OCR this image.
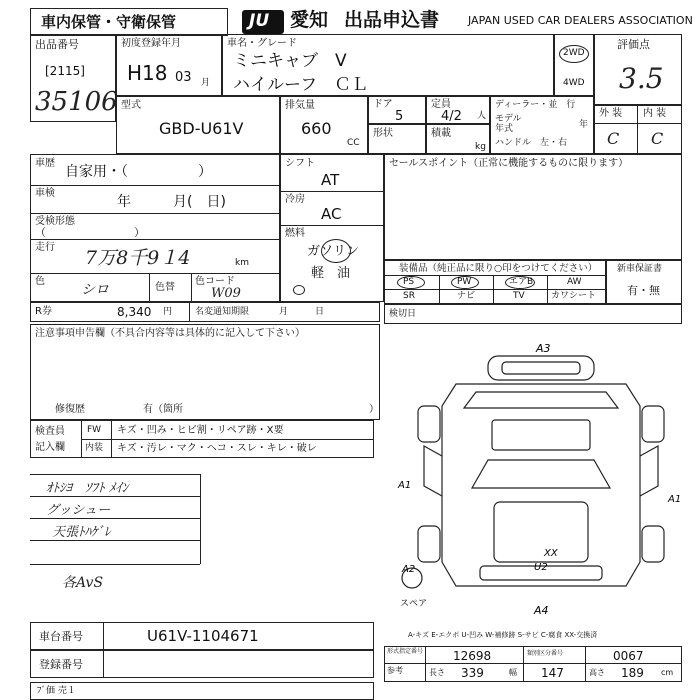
車内保管・守衛保管	JU 愛知 出品申込書	JAPAN USED CAR DEALERS ASSOCIATION
出品番号
[2115]
35106
初度登録年月
H18 03 月
車名・グレード
ミニキャブ　V
ハイルーフ　ＣＬ
2WD
4WD
評価点
3.5
外 装 内 装
C C
型式
GBD-U61V
排気量
660
CC
ドア
5
定員
4/2 人
形状	積載
kg
ディーラー・並　行
モデル
年式	年
ハンドル　左・右
車歴
自家用・（　　　　　）
車検
年　　　月(　日)
受検形態
（　　　　　　　　）
走行 7万8千9１4	km
色
シロ	色替
色コード
W09
シフト
AT
冷房
AC
燃料
ガソリン
軽　油
セールスポイント（正常に機能するものに限ります）
装備品（純正品に限り○印をつけてください）
PS	PW	エアB	AW
SR	ナビ	TV	カワシート
新車保証書
有・無
R券	8,340 円	名変通知期限	月　　　日	検切日
注意事項申告欄（不具合内容等は具体的に記入して下さい）
修復歴	有（箇所	）
検査員
記入欄
FW キズ・凹み・ヒビ割・リペア跡・X要
内装 キズ・汚レ・マク・ヘコ・スレ・キレ・破レ
ｵﾄｼﾖ　ｿﾌﾄ ﾒｲﾝ
グッシュー
天張ﾄﾊｹﾞﾚ
各AvS
A3
A1
A1
A2
XX
U2
A4
スペア
A-キズ E-エクボ U-凹み W-補修跡 S-サビ C-腐食 XX-交換済
車台番号	U61V-1104671
登録番号
形式指定番号
参考
12698	類別区分番号	0067
長さ 339	幅 147	高さ 189 cm
ﾌﾞ価 売１ 　　　　　
